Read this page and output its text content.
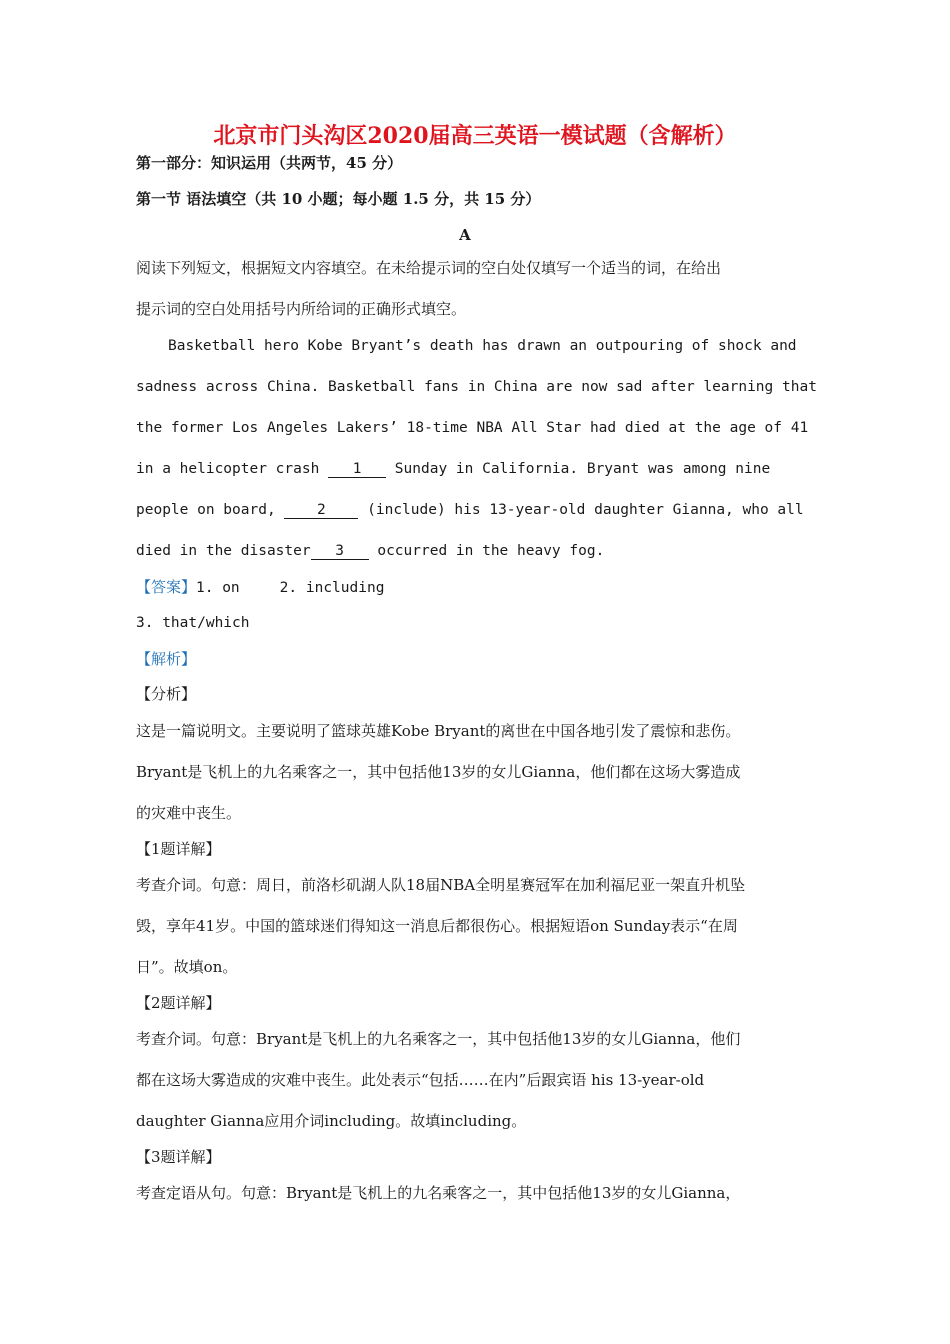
北京市门头沟区2020届高三英语一模试题（含解析）
第一部分：知识运用（共两节，45 分）
第一节 语法填空（共 10 小题；每小题 1.5 分，共 15 分）
A
阅读下列短文，根据短文内容填空。在未给提示词的空白处仅填写一个适当的词，在给出
提示词的空白处用括号内所给词的正确形式填空。
Basketball hero Kobe Bryant’s death has drawn an outpouring of shock and
sadness across China. Basketball fans in China are now sad after learning that
the former Los Angeles Lakers’ 18-time NBA All Star had died at the age of 41
in a helicopter crash 1 Sunday in California. Bryant was among nine
people on board, 2 (include) his 13-year-old daughter Gianna, who all
died in the disaster 3 occurred in the heavy fog.
【答案】1. on	2. including
3. that/which
【解析】
【分析】
这是一篇说明文。主要说明了篮球英雄Kobe Bryant的离世在中国各地引发了震惊和悲伤。
Bryant是飞机上的九名乘客之一，其中包括他13岁的女儿Gianna，他们都在这场大雾造成
的灾难中丧生。
【1题详解】
考查介词。句意：周日，前洛杉矶湖人队18届NBA全明星赛冠军在加利福尼亚一架直升机坠
毁，享年41岁。中国的篮球迷们得知这一消息后都很伤心。根据短语on Sunday表示“在周
日”。故填on。
【2题详解】
考查介词。句意：Bryant是飞机上的九名乘客之一，其中包括他13岁的女儿Gianna，他们
都在这场大雾造成的灾难中丧生。此处表示“包括……在内”后跟宾语 his 13-year-old
daughter Gianna应用介词including。故填including。
【3题详解】
考查定语从句。句意：Bryant是飞机上的九名乘客之一，其中包括他13岁的女儿Gianna，
